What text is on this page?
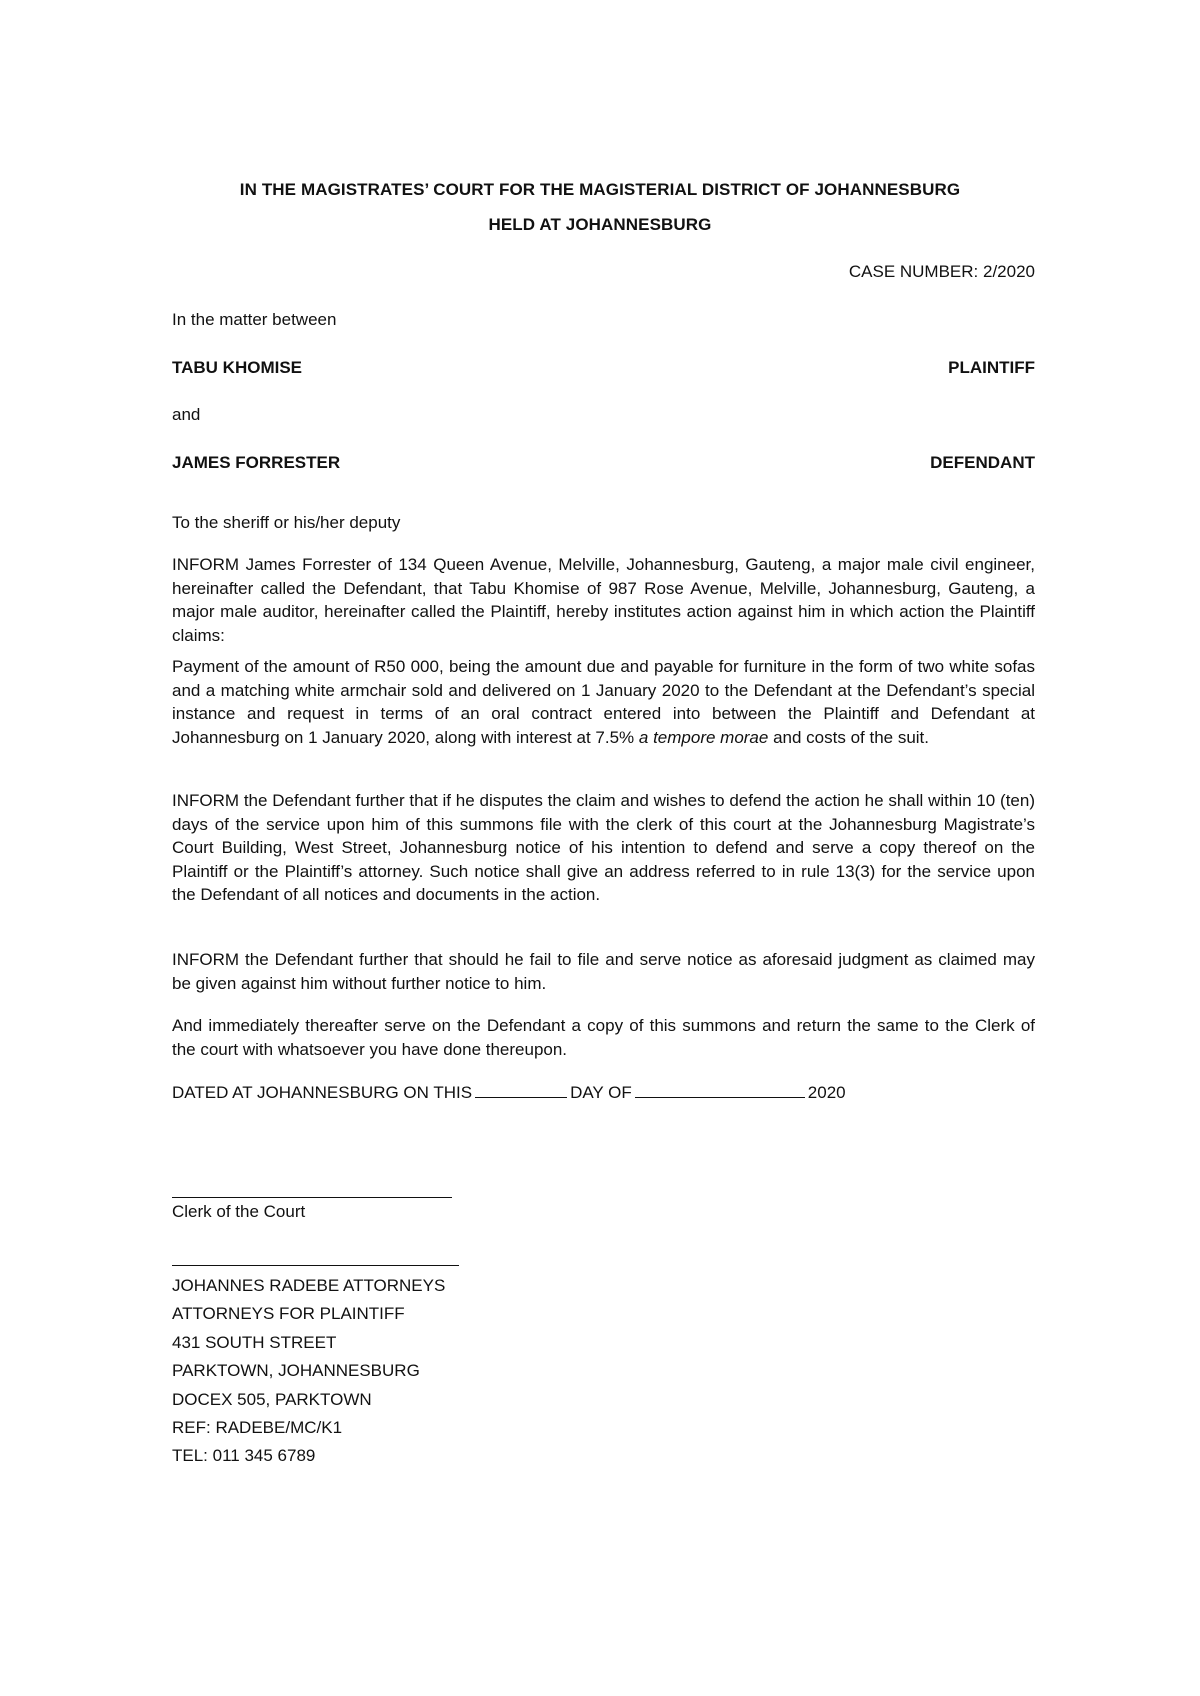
IN THE MAGISTRATES’ COURT FOR THE MAGISTERIAL DISTRICT OF JOHANNESBURG
HELD AT JOHANNESBURG
CASE NUMBER: 2/2020
In the matter between
TABU KHOMISE	PLAINTIFF
and
JAMES FORRESTER	DEFENDANT
To the sheriff or his/her deputy
INFORM James Forrester of 134 Queen Avenue, Melville, Johannesburg, Gauteng, a major male civil engineer, hereinafter called the Defendant, that Tabu Khomise of 987 Rose Avenue, Melville, Johannesburg, Gauteng, a major male auditor, hereinafter called the Plaintiff, hereby institutes action against him in which action the Plaintiff claims:
Payment of the amount of R50 000, being the amount due and payable for furniture in the form of two white sofas and a matching white armchair sold and delivered on 1 January 2020 to the Defendant at the Defendant’s special instance and request in terms of an oral contract entered into between the Plaintiff and Defendant at Johannesburg on 1 January 2020, along with interest at 7.5% a tempore morae and costs of the suit.
INFORM the Defendant further that if he disputes the claim and wishes to defend the action he shall within 10 (ten) days of the service upon him of this summons file with the clerk of this court at the Johannesburg Magistrate’s Court Building, West Street, Johannesburg notice of his intention to defend and serve a copy thereof on the Plaintiff or the Plaintiff’s attorney. Such notice shall give an address referred to in rule 13(3) for the service upon the Defendant of all notices and documents in the action.
INFORM the Defendant further that should he fail to file and serve notice as aforesaid judgment as claimed may be given against him without further notice to him.
And immediately thereafter serve on the Defendant a copy of this summons and return the same to the Clerk of the court with whatsoever you have done thereupon.
DATED AT JOHANNESBURG ON THIS	DAY OF	2020
Clerk of the Court
JOHANNES RADEBE ATTORNEYS
ATTORNEYS FOR PLAINTIFF
431 SOUTH STREET
PARKTOWN, JOHANNESBURG
DOCEX 505, PARKTOWN
REF: RADEBE/MC/K1
TEL: 011 345 6789
